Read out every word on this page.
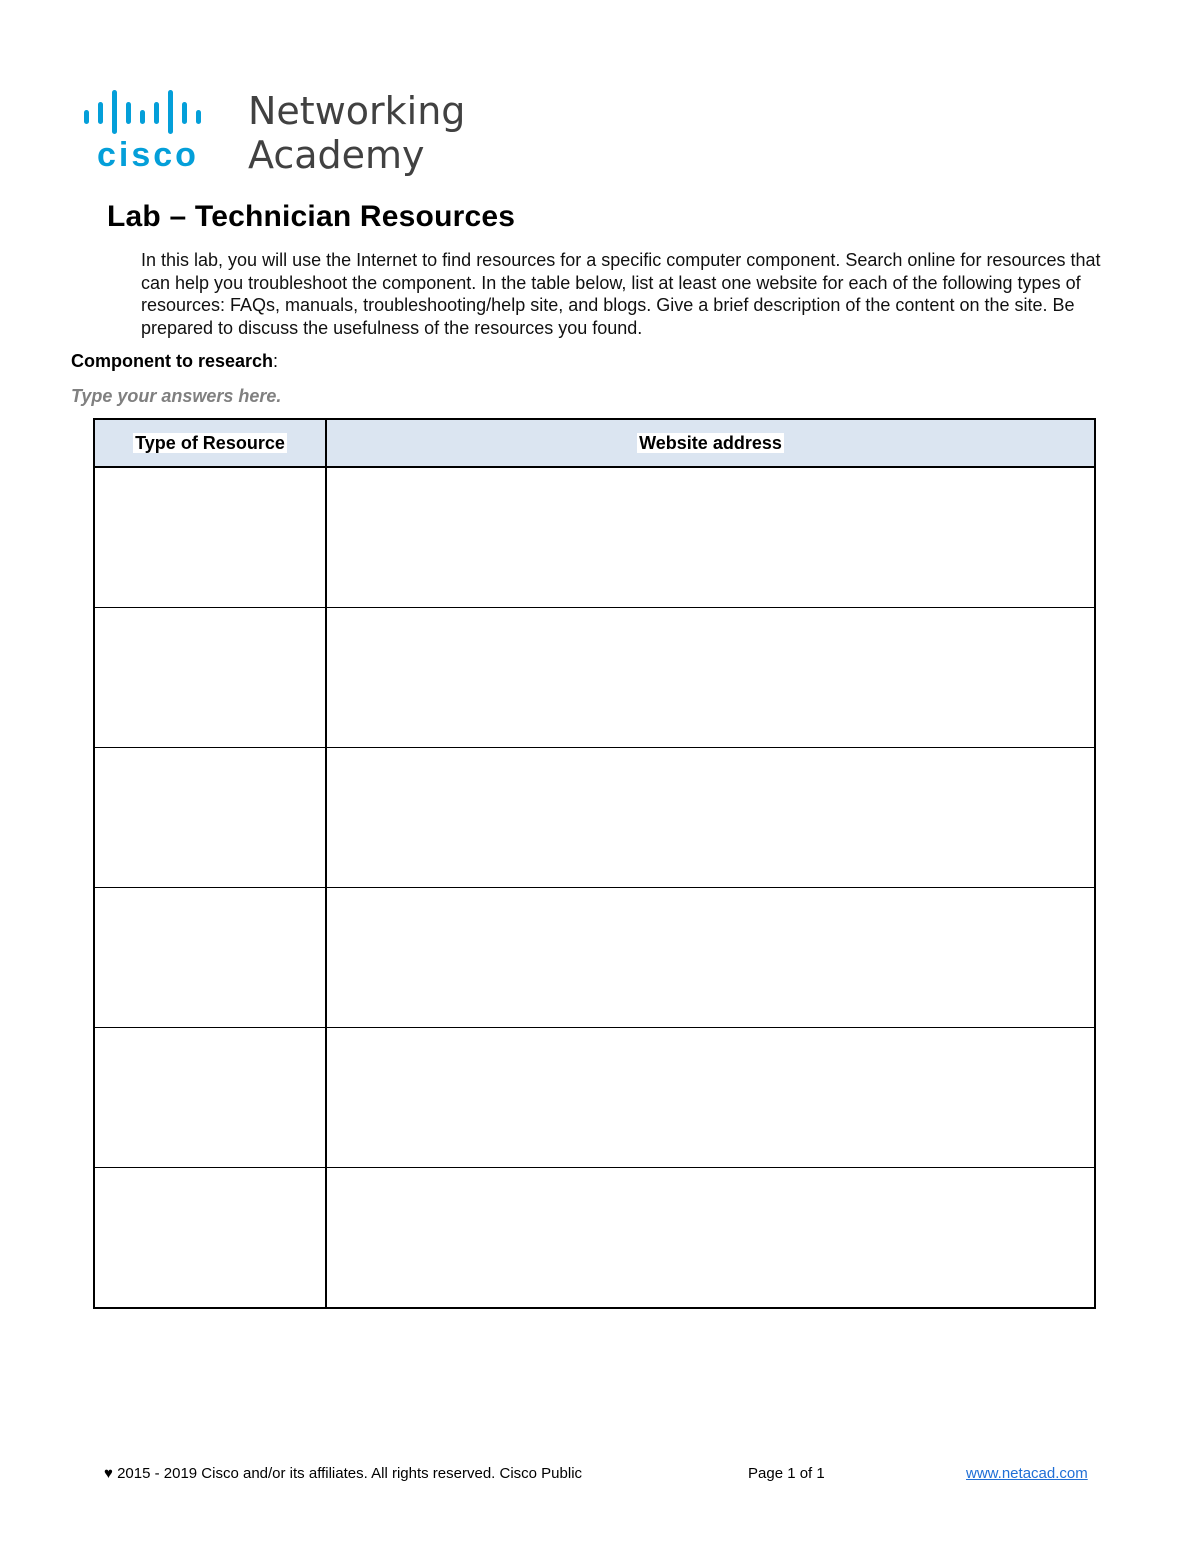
cisco
Networking
Academy
Lab – Technician Resources

In this lab, you will use the Internet to find resources for a specific computer component. Search online for resources that can help you troubleshoot the component. In the table below, list at least one website for each of the following types of resources: FAQs, manuals, troubleshooting/help site, and blogs. Give a brief description of the content on the site. Be prepared to discuss the usefulness of the resources you found.

Component to research:

Type your answers here.

Type of Resource	Website address

♥ 2015 - 2019 Cisco and/or its affiliates. All rights reserved. Cisco Public	Page 1 of 1	www.netacad.com
